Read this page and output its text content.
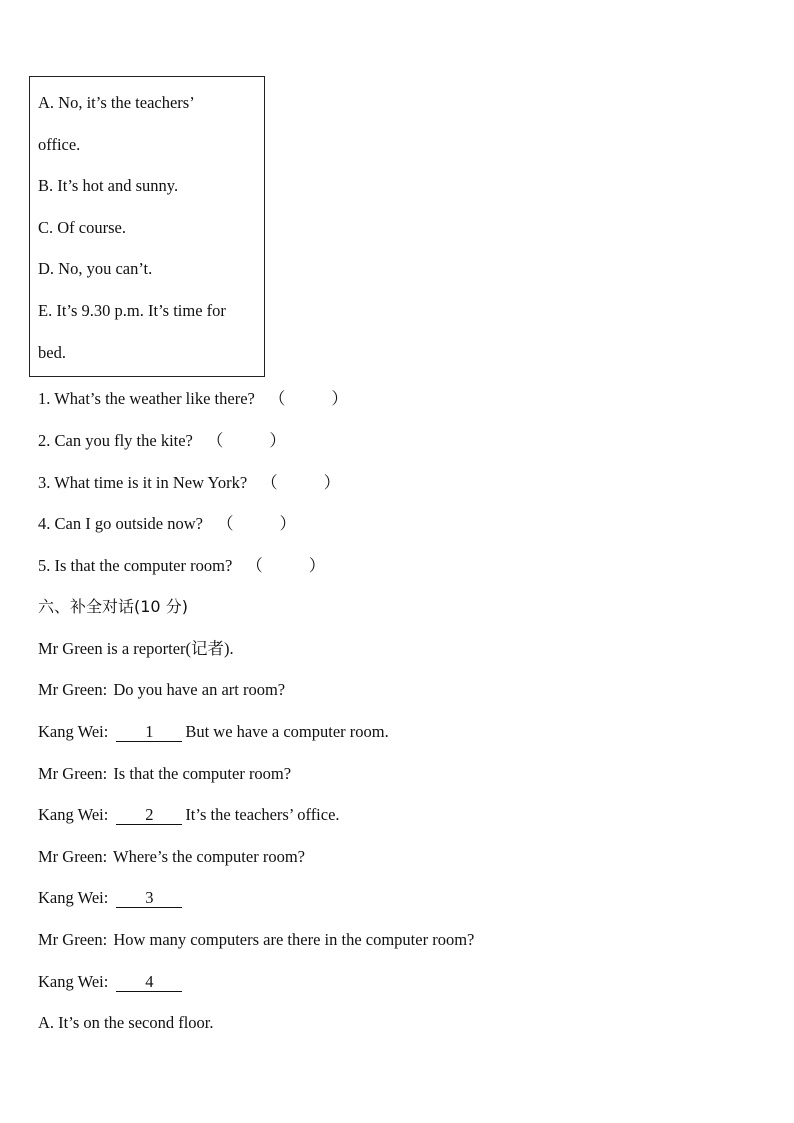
A. No, it’s the teachers’
office.
B. It’s hot and sunny.
C. Of course.
D. No, you can’t.
E. It’s 9.30 p.m. It’s time for
bed.
1. What’s the weather like there? （	）
2. Can you fly the kite? （	）
3. What time is it in New York? （	）
4. Can I go outside now? （	）
5. Is that the computer room? （	）
六、补全对话(10 分)
Mr Green is a reporter(记者).
Mr Green: Do you have an art room?
Kang Wei: 1 But we have a computer room.
Mr Green: Is that the computer room?
Kang Wei: 2 It’s the teachers’ office.
Mr Green: Where’s the computer room?
Kang Wei: 3
Mr Green: How many computers are there in the computer room?
Kang Wei: 4
A. It’s on the second floor.
